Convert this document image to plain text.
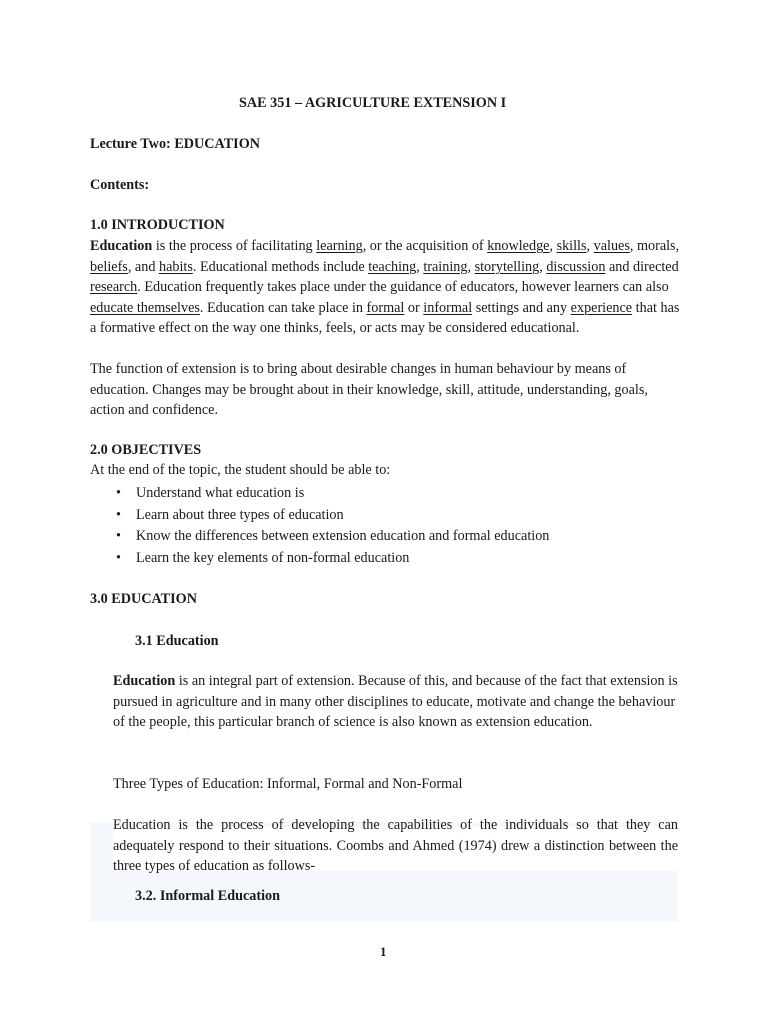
SAE 351 – AGRICULTURE EXTENSION I
Lecture Two: EDUCATION
Contents:
1.0 INTRODUCTION
Education is the process of facilitating learning, or the acquisition of knowledge, skills, values, morals, beliefs, and habits. Educational methods include teaching, training, storytelling, discussion and directed research. Education frequently takes place under the guidance of educators, however learners can also educate themselves. Education can take place in formal or informal settings and any experience that has a formative effect on the way one thinks, feels, or acts may be considered educational.
The function of extension is to bring about desirable changes in human behaviour by means of education. Changes may be brought about in their knowledge, skill, attitude, understanding, goals, action and confidence.
2.0 OBJECTIVES
At the end of the topic, the student should be able to:
• Understand what education is
• Learn about three types of education
• Know the differences between extension education and formal education
• Learn the key elements of non-formal education
3.0 EDUCATION
3.1 Education
Education is an integral part of extension. Because of this, and because of the fact that extension is pursued in agriculture and in many other disciplines to educate, motivate and change the behaviour of the people, this particular branch of science is also known as extension education.
Three Types of Education: Informal, Formal and Non-Formal
Education is the process of developing the capabilities of the individuals so that they can adequately respond to their situations. Coombs and Ahmed (1974) drew a distinction between the three types of education as follows-
3.2. Informal Education
1
